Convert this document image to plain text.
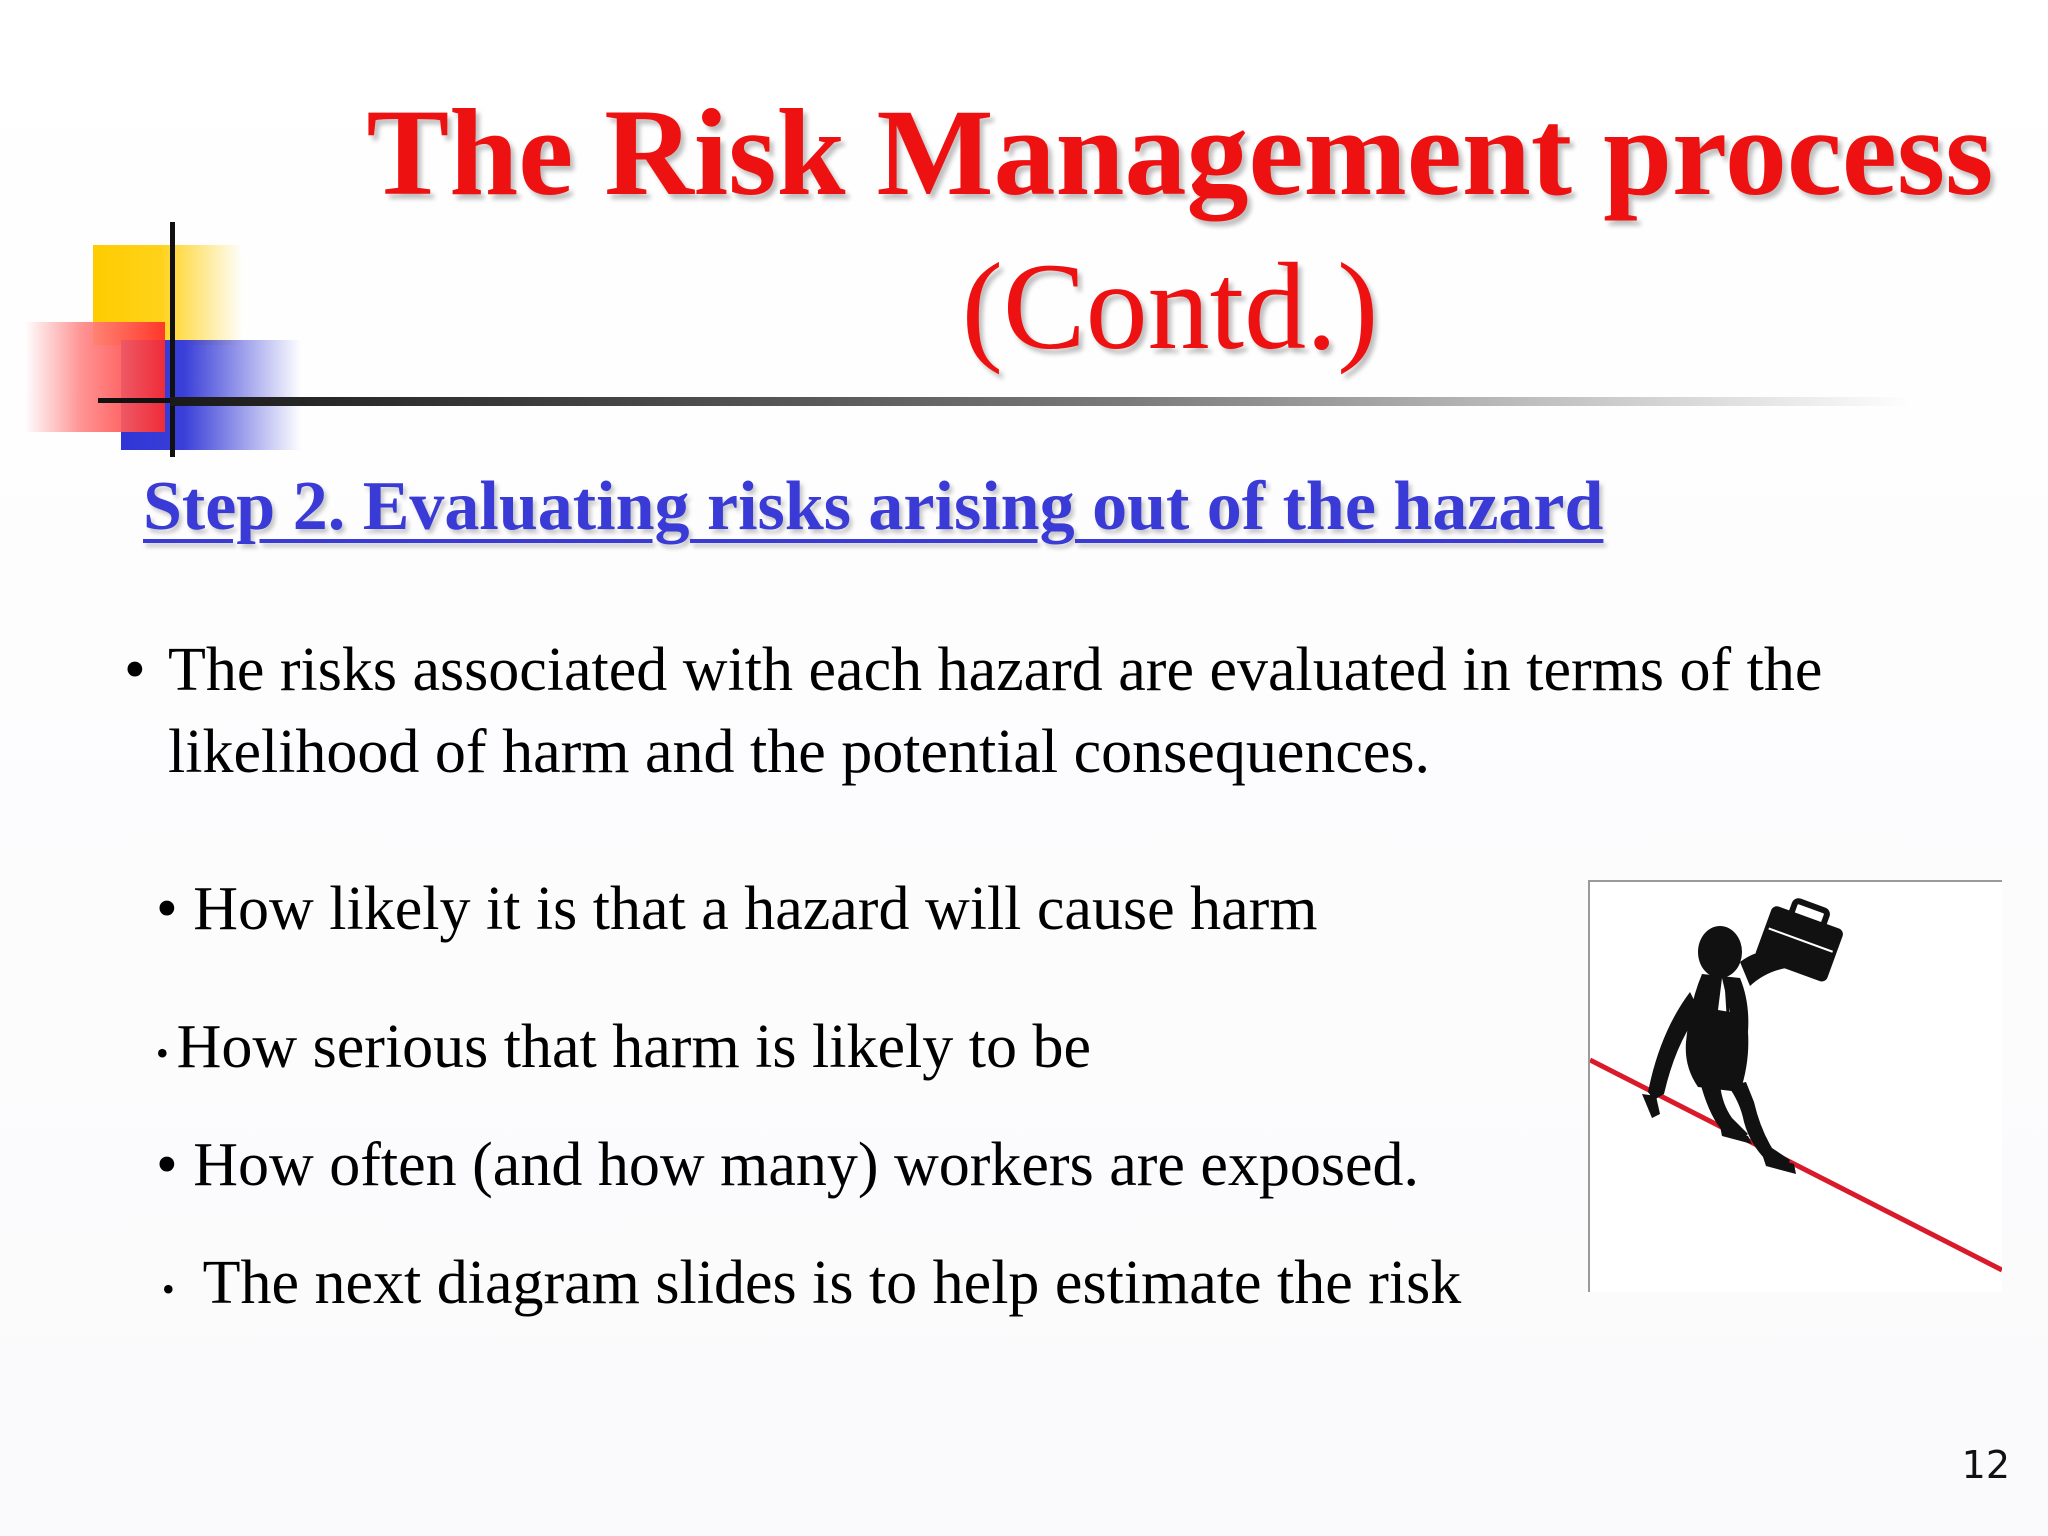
The Risk Management process
(Contd.)
Step 2. Evaluating risks arising out of the hazard
• The risks associated with each hazard are evaluated in terms of the likelihood of harm and the potential consequences.
• How likely it is that a hazard will cause harm
• How serious that harm is likely to be
• How often (and how many) workers are exposed.
• The next diagram slides is to help estimate the risk
12
